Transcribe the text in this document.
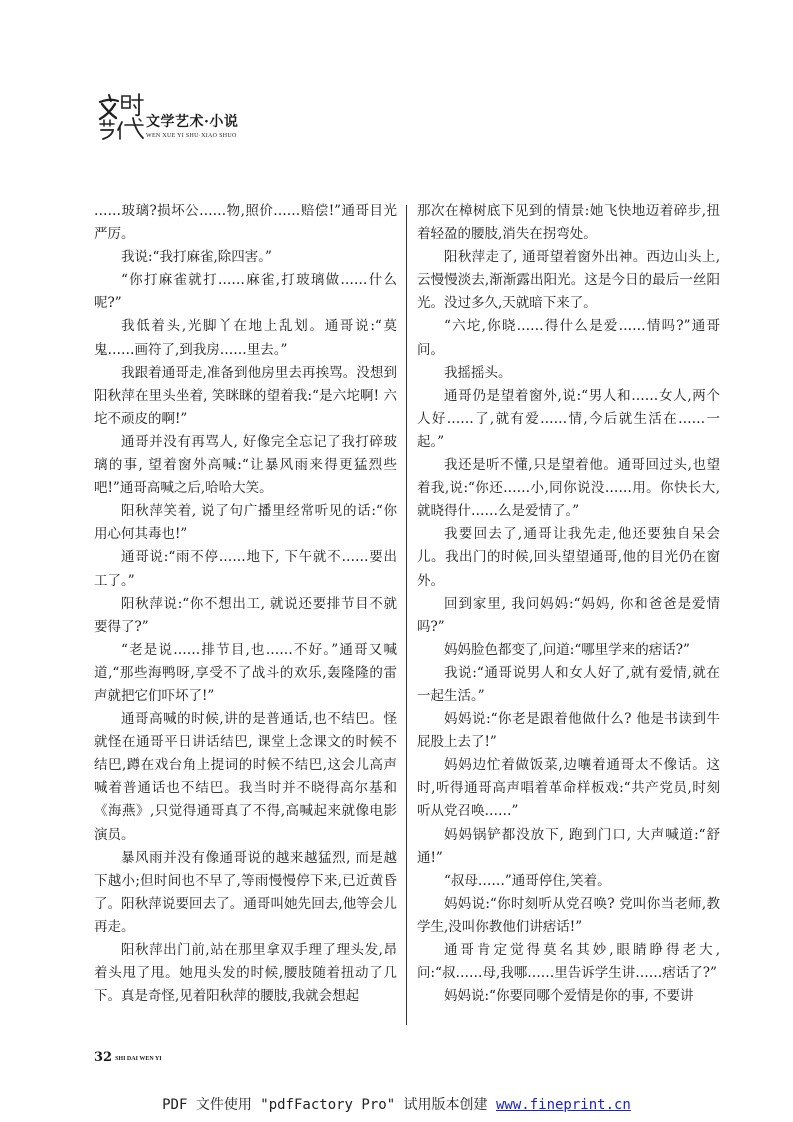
文时艺代
文学艺术·小说
WEN XUE YI SHU·XIAO SHUO

……玻璃?损坏公……物,照价……赔偿!”通哥目光严厉。

我说:“我打麻雀,除四害。”

“你打麻雀就打……麻雀,打玻璃做……什么呢?”

我低着头,光脚丫在地上乱划。通哥说:“莫鬼……画符了,到我房……里去。”

我跟着通哥走,准备到他房里去再挨骂。没想到阳秋萍在里头坐着, 笑眯眯的望着我:“是六坨啊! 六坨不顽皮的啊!”

通哥并没有再骂人, 好像完全忘记了我打碎玻璃的事, 望着窗外高喊:“让暴风雨来得更猛烈些吧!”通哥高喊之后,哈哈大笑。

阳秋萍笑着, 说了句广播里经常听见的话:“你用心何其毒也!”

通哥说:“雨不停……地下, 下午就不……要出工了。”

阳秋萍说:“你不想出工, 就说还要排节目不就要得了?”

“老是说……排节目,也……不好。”通哥又喊道,“那些海鸭呀,享受不了战斗的欢乐,轰隆隆的雷声就把它们吓坏了!”

通哥高喊的时候,讲的是普通话,也不结巴。怪就怪在通哥平日讲话结巴, 课堂上念课文的时候不结巴,蹲在戏台角上提词的时候不结巴,这会儿高声喊着普通话也不结巴。我当时并不晓得高尔基和《海燕》,只觉得通哥真了不得,高喊起来就像电影演员。

暴风雨并没有像通哥说的越来越猛烈, 而是越下越小;但时间也不早了,等雨慢慢停下来,已近黄昏了。阳秋萍说要回去了。通哥叫她先回去,他等会儿再走。

阳秋萍出门前,站在那里拿双手理了理头发,昂着头甩了甩。她甩头发的时候,腰肢随着扭动了几下。真是奇怪,见着阳秋萍的腰肢,我就会想起

那次在樟树底下见到的情景:她飞快地迈着碎步,扭着轻盈的腰肢,消失在拐弯处。

阳秋萍走了, 通哥望着窗外出神。西边山头上,云慢慢淡去,渐渐露出阳光。这是今日的最后一丝阳光。没过多久,天就暗下来了。

“六坨,你晓……得什么是爱……情吗?”通哥问。

我摇摇头。

通哥仍是望着窗外,说:“男人和……女人,两个人好……了,就有爱……情,今后就生活在……一起。”

我还是听不懂,只是望着他。通哥回过头,也望着我,说:“你还……小,同你说没……用。你快长大,就晓得什……么是爱情了。”

我要回去了,通哥让我先走,他还要独自呆会儿。我出门的时候,回头望望通哥,他的目光仍在窗外。

回到家里, 我问妈妈:“妈妈, 你和爸爸是爱情吗?”

妈妈脸色都变了,问道:“哪里学来的痞话?”

我说:“通哥说男人和女人好了,就有爱情,就在一起生活。”

妈妈说:“你老是跟着他做什么? 他是书读到牛屁股上去了!”

妈妈边忙着做饭菜,边嚷着通哥太不像话。这时,听得通哥高声唱着革命样板戏:“共产党员,时刻听从党召唤……”

妈妈锅铲都没放下, 跑到门口, 大声喊道:“舒通!”

“叔母……”通哥停住,笑着。

妈妈说:“你时刻听从党召唤? 党叫你当老师,教学生,没叫你教他们讲痞话!”

通哥肯定觉得莫名其妙,眼睛睁得老大,问:“叔……母,我哪……里告诉学生讲……痞话了?”

妈妈说:“你要同哪个爱情是你的事, 不要讲

32 SHI DAI WEN YI
PDF 文件使用 "pdfFactory Pro" 试用版本创建 www.fineprint.cn
